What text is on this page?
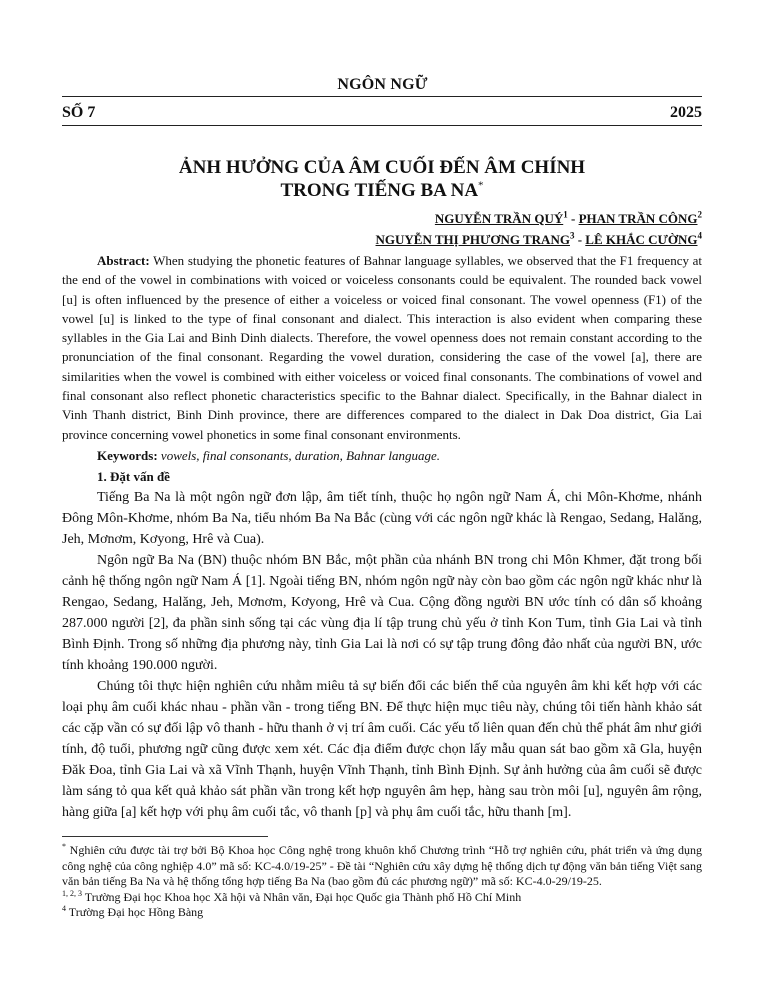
NGÔN NGỮ
SỐ 7	2025
ẢNH HƯỞNG CỦA ÂM CUỐI ĐẾN ÂM CHÍNH
TRONG TIẾNG BA NA*
NGUYỄN TRẦN QUÝ$^1$ - PHAN TRẦN CÔNG$^2$
NGUYỄN THỊ PHƯƠNG TRANG$^3$ - LÊ KHẮC CƯỜNG$^4$

Abstract: When studying the phonetic features of Bahnar language syllables, we observed that the F1 frequency at the end of the vowel in combinations with voiced or voiceless consonants could be equivalent. The rounded back vowel [u] is often influenced by the presence of either a voiceless or voiced final consonant. The vowel openness (F1) of the vowel [u] is linked to the type of final consonant and dialect. This interaction is also evident when comparing these syllables in the Gia Lai and Binh Dinh dialects. Therefore, the vowel openness does not remain constant according to the pronunciation of the final consonant. Regarding the vowel duration, considering the case of the vowel [a], there are similarities when the vowel is combined with either voiceless or voiced final consonants. The combinations of vowel and final consonant also reflect phonetic characteristics specific to the Bahnar dialect. Specifically, in the Bahnar dialect in Vinh Thanh district, Binh Dinh province, there are differences compared to the dialect in Dak Doa district, Gia Lai province concerning vowel phonetics in some final consonant environments.

Keywords: vowels, final consonants, duration, Bahnar language.

1. Đặt vấn đề

Tiếng Ba Na là một ngôn ngữ đơn lập, âm tiết tính, thuộc họ ngôn ngữ Nam Á, chi Môn-Khơme, nhánh Đông Môn-Khơme, nhóm Ba Na, tiểu nhóm Ba Na Bắc (cùng với các ngôn ngữ khác là Rengao, Sedang, Halăng, Jeh, Mơnơm, Kơyong, Hrê và Cua).

Ngôn ngữ Ba Na (BN) thuộc nhóm BN Bắc, một phần của nhánh BN trong chi Môn Khmer, đặt trong bối cảnh hệ thống ngôn ngữ Nam Á [1]. Ngoài tiếng BN, nhóm ngôn ngữ này còn bao gồm các ngôn ngữ khác như là Rengao, Sedang, Halăng, Jeh, Mơnơm, Kơyong, Hrê và Cua. Cộng đồng người BN ước tính có dân số khoảng 287.000 người [2], đa phần sinh sống tại các vùng địa lí tập trung chủ yếu ở tỉnh Kon Tum, tỉnh Gia Lai và tỉnh Bình Định. Trong số những địa phương này, tỉnh Gia Lai là nơi có sự tập trung đông đảo nhất của người BN, ước tính khoảng 190.000 người.

Chúng tôi thực hiện nghiên cứu nhằm miêu tả sự biến đổi các biến thể của nguyên âm khi kết hợp với các loại phụ âm cuối khác nhau - phần vần - trong tiếng BN. Để thực hiện mục tiêu này, chúng tôi tiến hành khảo sát các cặp vần có sự đối lập vô thanh - hữu thanh ở vị trí âm cuối. Các yếu tố liên quan đến chủ thể phát âm như giới tính, độ tuổi, phương ngữ cũng được xem xét. Các địa điểm được chọn lấy mẫu quan sát bao gồm xã Gla, huyện Đăk Đoa, tỉnh Gia Lai và xã Vĩnh Thạnh, huyện Vĩnh Thạnh, tỉnh Bình Định. Sự ảnh hưởng của âm cuối sẽ được làm sáng tỏ qua kết quả khảo sát phần vần trong kết hợp nguyên âm hẹp, hàng sau tròn môi [u], nguyên âm rộng, hàng giữa [a] kết hợp với phụ âm cuối tắc, vô thanh [p] và phụ âm cuối tắc, hữu thanh [m].

* Nghiên cứu được tài trợ bởi Bộ Khoa học Công nghệ trong khuôn khổ Chương trình “Hỗ trợ nghiên cứu, phát triển và ứng dụng công nghệ của công nghiệp 4.0” mã số: KC-4.0/19-25” - Đề tài “Nghiên cứu xây dựng hệ thống dịch tự động văn bản tiếng Việt sang văn bản tiếng Ba Na và hệ thống tổng hợp tiếng Ba Na (bao gồm đủ các phương ngữ)” mã số: KC-4.0-29/19-25.

$^{1, 2, 3}$ Trường Đại học Khoa học Xã hội và Nhân văn, Đại học Quốc gia Thành phố Hồ Chí Minh

$^4$ Trường Đại học Hồng Bàng
